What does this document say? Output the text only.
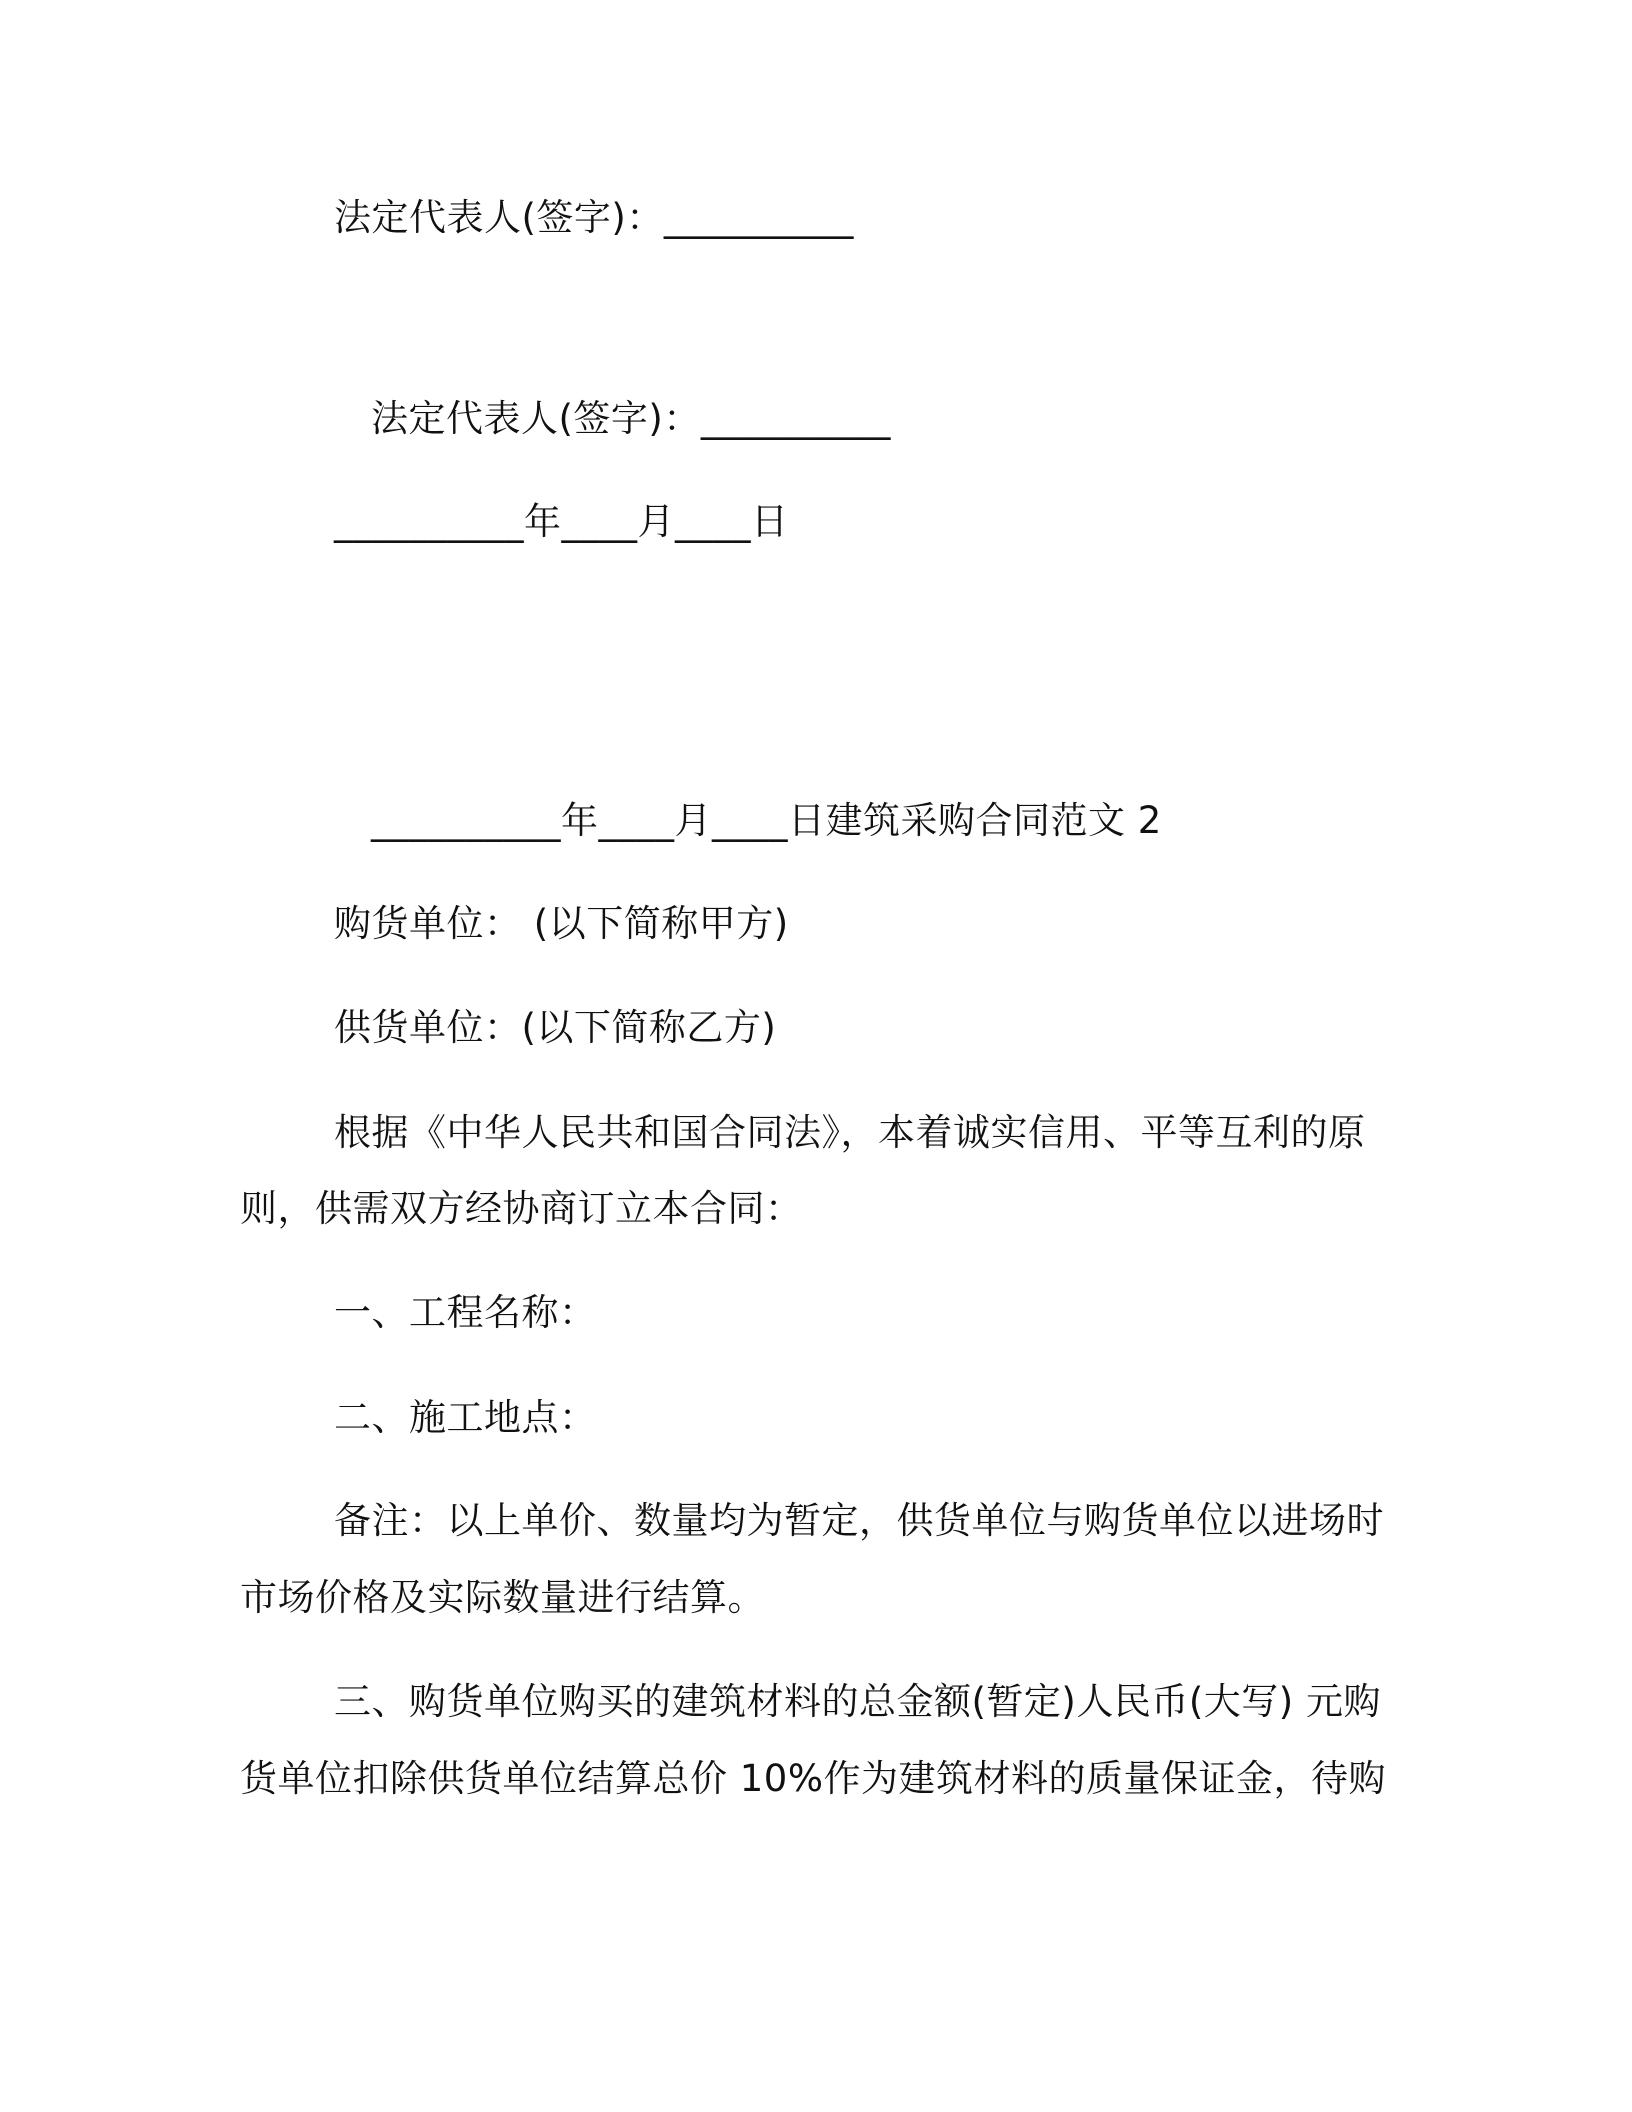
法定代表人(签字)：__________
法定代表人(签字)：__________
__________年____月____日
__________年____月____日建筑采购合同范文 2
购货单位： (以下简称甲方)
供货单位：(以下简称乙方)
根据《中华人民共和国合同法》，本着诚实信用、平等互利的原
则，供需双方经协商订立本合同：
一、工程名称：
二、施工地点：
备注：以上单价、数量均为暂定，供货单位与购货单位以进场时
市场价格及实际数量进行结算。
三、购货单位购买的建筑材料的总金额(暂定)人民币(大写) 元购
货单位扣除供货单位结算总价 10%作为建筑材料的质量保证金，待购
